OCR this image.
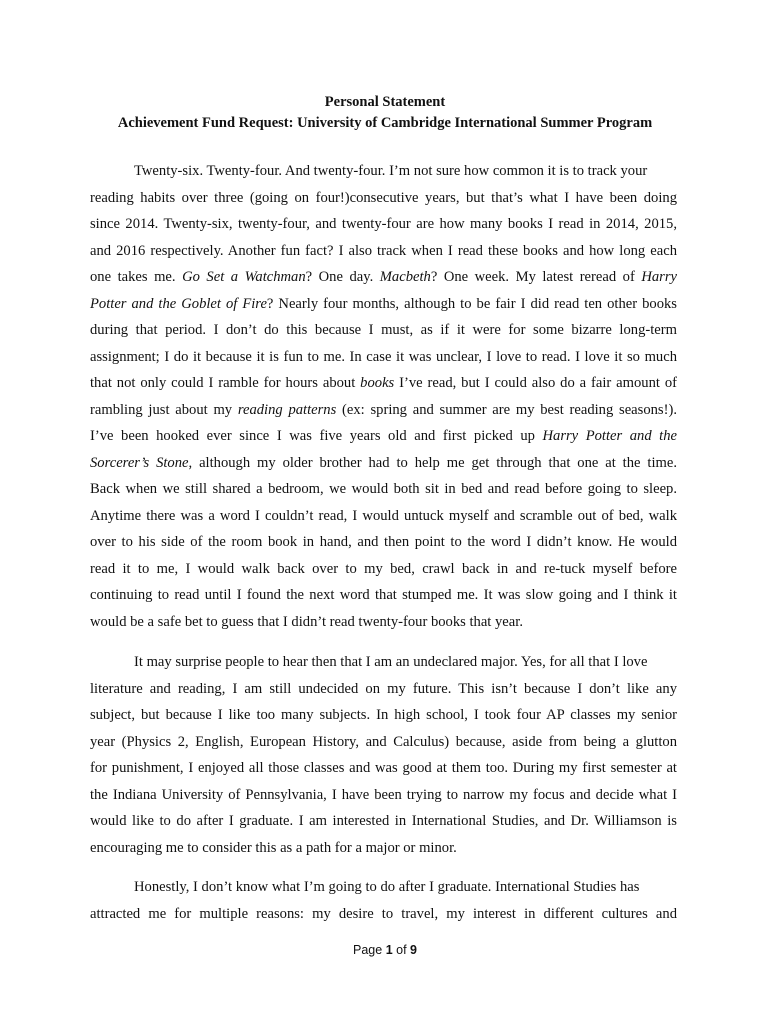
Personal Statement
Achievement Fund Request: University of Cambridge International Summer Program
Twenty-six. Twenty-four. And twenty-four. I’m not sure how common it is to track your
reading habits over three (going on four!)consecutive years, but that’s what I have been doing
since 2014. Twenty-six, twenty-four, and twenty-four are how many books I read in 2014, 2015,
and 2016 respectively. Another fun fact? I also track when I read these books and how long each
one takes me. Go Set a Watchman? One day. Macbeth? One week. My latest reread of Harry
Potter and the Goblet of Fire? Nearly four months, although to be fair I did read ten other books
during that period. I don’t do this because I must, as if it were for some bizarre long-term
assignment; I do it because it is fun to me. In case it was unclear, I love to read. I love it so much
that not only could I ramble for hours about books I’ve read, but I could also do a fair amount of
rambling just about my reading patterns (ex: spring and summer are my best reading seasons!).
I’ve been hooked ever since I was five years old and first picked up Harry Potter and the
Sorcerer’s Stone, although my older brother had to help me get through that one at the time.
Back when we still shared a bedroom, we would both sit in bed and read before going to sleep.
Anytime there was a word I couldn’t read, I would untuck myself and scramble out of bed, walk
over to his side of the room book in hand, and then point to the word I didn’t know. He would
read it to me, I would walk back over to my bed, crawl back in and re-tuck myself before
continuing to read until I found the next word that stumped me. It was slow going and I think it
would be a safe bet to guess that I didn’t read twenty-four books that year.
It may surprise people to hear then that I am an undeclared major. Yes, for all that I love
literature and reading, I am still undecided on my future. This isn’t because I don’t like any
subject, but because I like too many subjects. In high school, I took four AP classes my senior
year (Physics 2, English, European History, and Calculus) because, aside from being a glutton
for punishment, I enjoyed all those classes and was good at them too. During my first semester at
the Indiana University of Pennsylvania, I have been trying to narrow my focus and decide what I
would like to do after I graduate. I am interested in International Studies, and Dr. Williamson is
encouraging me to consider this as a path for a major or minor.
Honestly, I don’t know what I’m going to do after I graduate. International Studies has
attracted me for multiple reasons: my desire to travel, my interest in different cultures and
Page 1 of 9
